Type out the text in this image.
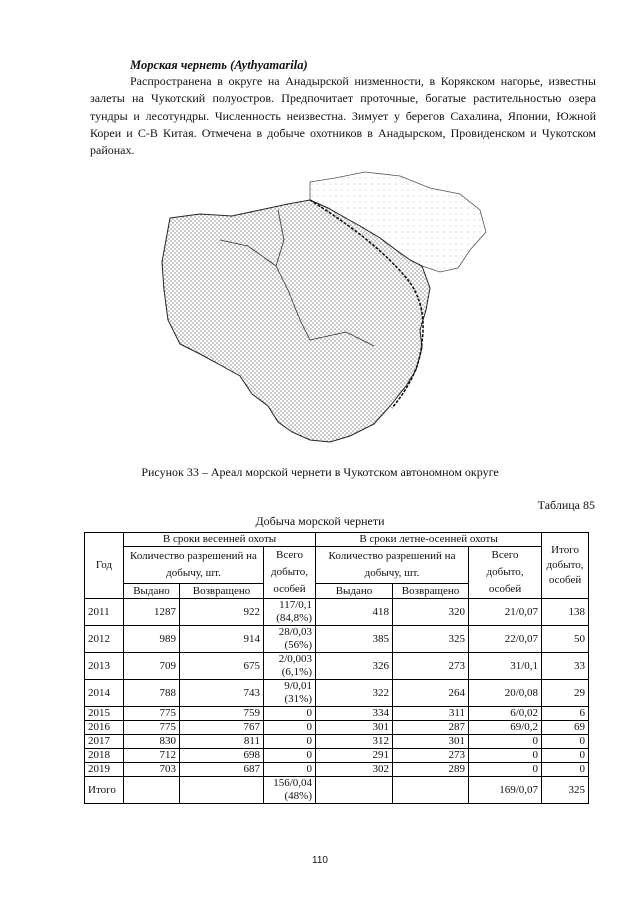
Морская чернеть (Aythyamarila)
Распространена в округе на Анадырской низменности, в Корякском нагорье, известны залеты на Чукотский полуостров. Предпочитает проточные, богатые растительностью озера тундры и лесотундры. Численность неизвестна. Зимует у берегов Сахалина, Японии, Южной Кореи и С-В Китая. Отмечена в добыче охотников в Анадырском, Провиденском и Чукотском районах.
Рисунок 33 – Ареал морской чернети в Чукотском автономном округе
Таблица 85
Добыча морской чернети
Год	В сроки весенней охоты			В сроки летне-осенней охоты			Итого добыто, особей
	Количество разрешений на добычу, шт.		Всего добыто, особей	Количество разрешений на добычу, шт.		Всего добыто, особей	
	Выдано	Возвращено		Выдано	Возвращено		
2011	1287	922	117/0,1 (84,8%)	418	320	21/0,07	138
2012	989	914	28/0,03 (56%)	385	325	22/0,07	50
2013	709	675	2/0,003 (6,1%)	326	273	31/0,1	33
2014	788	743	9/0,01 (31%)	322	264	20/0,08	29
2015	775	759	0	334	311	6/0,02	6
2016	775	767	0	301	287	69/0,2	69
2017	830	811	0	312	301	0	0
2018	712	698	0	291	273	0	0
2019	703	687	0	302	289	0	0
Итого			156/0,04 (48%)			169/0,07	325
110
